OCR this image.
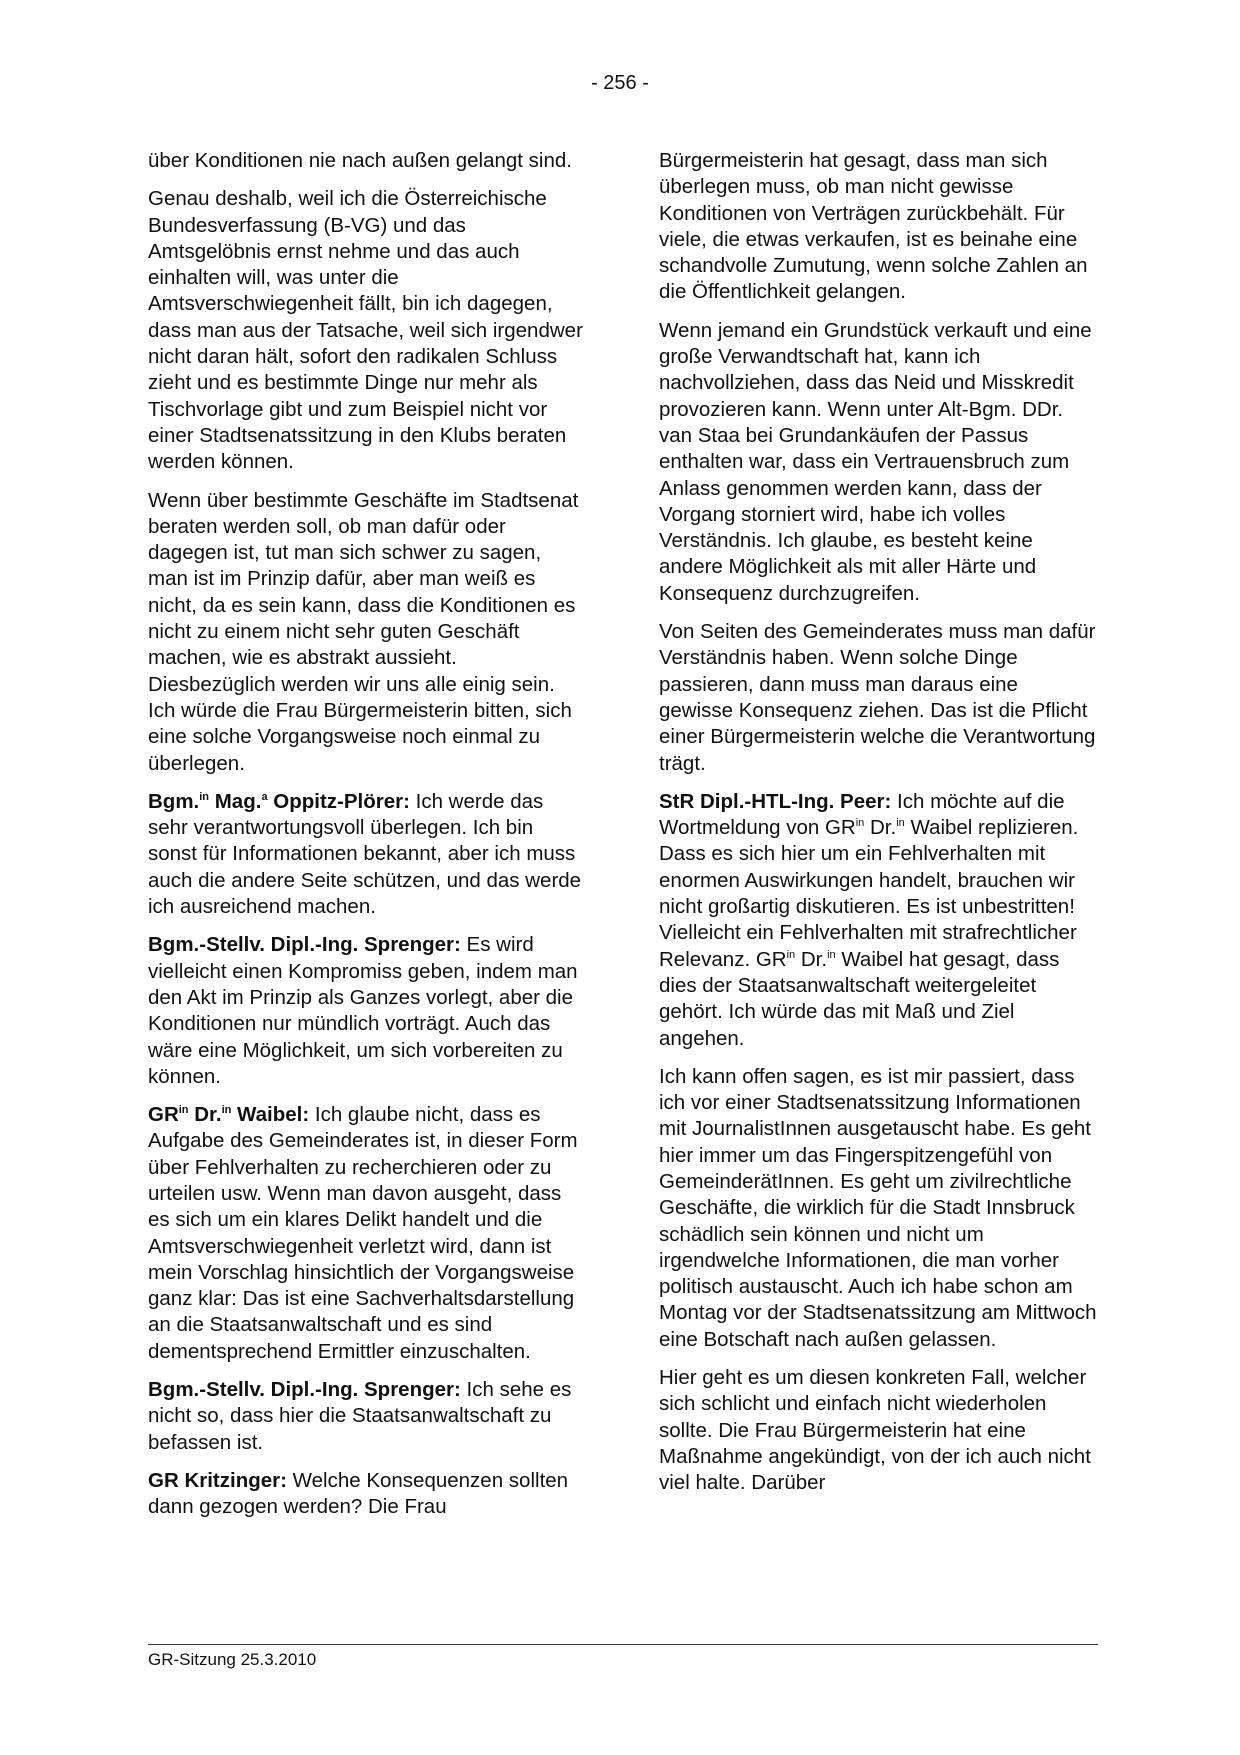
- 256 -

über Konditionen nie nach außen gelangt sind.

Genau deshalb, weil ich die Österreichische Bundesverfassung (B-VG) und das Amtsgelöbnis ernst nehme und das auch einhalten will, was unter die Amtsverschwiegenheit fällt, bin ich dagegen, dass man aus der Tatsache, weil sich irgendwer nicht daran hält, sofort den radikalen Schluss zieht und es bestimmte Dinge nur mehr als Tischvorlage gibt und zum Beispiel nicht vor einer Stadtsenatssitzung in den Klubs beraten werden können.

Wenn über bestimmte Geschäfte im Stadtsenat beraten werden soll, ob man dafür oder dagegen ist, tut man sich schwer zu sagen, man ist im Prinzip dafür, aber man weiß es nicht, da es sein kann, dass die Konditionen es nicht zu einem nicht sehr guten Geschäft machen, wie es abstrakt aussieht. Diesbezüglich werden wir uns alle einig sein. Ich würde die Frau Bürgermeisterin bitten, sich eine solche Vorgangsweise noch einmal zu überlegen.

Bgm.$^{in}$ Mag.$^a$ Oppitz-Plörer: Ich werde das sehr verantwortungsvoll überlegen. Ich bin sonst für Informationen bekannt, aber ich muss auch die andere Seite schützen, und das werde ich ausreichend machen.

Bgm.-Stellv. Dipl.-Ing. Sprenger: Es wird vielleicht einen Kompromiss geben, indem man den Akt im Prinzip als Ganzes vorlegt, aber die Konditionen nur mündlich vorträgt. Auch das wäre eine Möglichkeit, um sich vorbereiten zu können.

$GR^{in}$ Dr.$^{in}$ Waibel: Ich glaube nicht, dass es Aufgabe des Gemeinderates ist, in dieser Form über Fehlverhalten zu recherchieren oder zu urteilen usw. Wenn man davon ausgeht, dass es sich um ein klares Delikt handelt und die Amtsverschwiegenheit verletzt wird, dann ist mein Vorschlag hinsichtlich der Vorgangsweise ganz klar: Das ist eine Sachverhaltsdarstellung an die Staatsanwaltschaft und es sind dementsprechend Ermittler einzuschalten.

Bgm.-Stellv. Dipl.-Ing. Sprenger: Ich sehe es nicht so, dass hier die Staatsanwaltschaft zu befassen ist.

GR Kritzinger: Welche Konsequenzen sollten dann gezogen werden? Die Frau

Bürgermeisterin hat gesagt, dass man sich überlegen muss, ob man nicht gewisse Konditionen von Verträgen zurückbehält. Für viele, die etwas verkaufen, ist es beinahe eine schandvolle Zumutung, wenn solche Zahlen an die Öffentlichkeit gelangen.

Wenn jemand ein Grundstück verkauft und eine große Verwandtschaft hat, kann ich nachvollziehen, dass das Neid und Misskredit provozieren kann. Wenn unter Alt-Bgm. DDr. van Staa bei Grundankäufen der Passus enthalten war, dass ein Vertrauensbruch zum Anlass genommen werden kann, dass der Vorgang storniert wird, habe ich volles Verständnis. Ich glaube, es besteht keine andere Möglichkeit als mit aller Härte und Konsequenz durchzugreifen.

Von Seiten des Gemeinderates muss man dafür Verständnis haben. Wenn solche Dinge passieren, dann muss man daraus eine gewisse Konsequenz ziehen. Das ist die Pflicht einer Bürgermeisterin welche die Verantwortung trägt.

StR Dipl.-HTL-Ing. Peer: Ich möchte auf die Wortmeldung von $GR^{in}$ Dr.$^{in}$ Waibel replizieren. Dass es sich hier um ein Fehlverhalten mit enormen Auswirkungen handelt, brauchen wir nicht großartig diskutieren. Es ist unbestritten! Vielleicht ein Fehlverhalten mit strafrechtlicher Relevanz. $GR^{in}$ Dr.$^{in}$ Waibel hat gesagt, dass dies der Staatsanwaltschaft weitergeleitet gehört. Ich würde das mit Maß und Ziel angehen.

Ich kann offen sagen, es ist mir passiert, dass ich vor einer Stadtsenatssitzung Informationen mit JournalistInnen ausgetauscht habe. Es geht hier immer um das Fingerspitzengefühl von GemeinderätInnen. Es geht um zivilrechtliche Geschäfte, die wirklich für die Stadt Innsbruck schädlich sein können und nicht um irgendwelche Informationen, die man vorher politisch austauscht. Auch ich habe schon am Montag vor der Stadtsenatssitzung am Mittwoch eine Botschaft nach außen gelassen.

Hier geht es um diesen konkreten Fall, welcher sich schlicht und einfach nicht wiederholen sollte. Die Frau Bürgermeisterin hat eine Maßnahme angekündigt, von der ich auch nicht viel halte. Darüber

GR-Sitzung 25.3.2010
